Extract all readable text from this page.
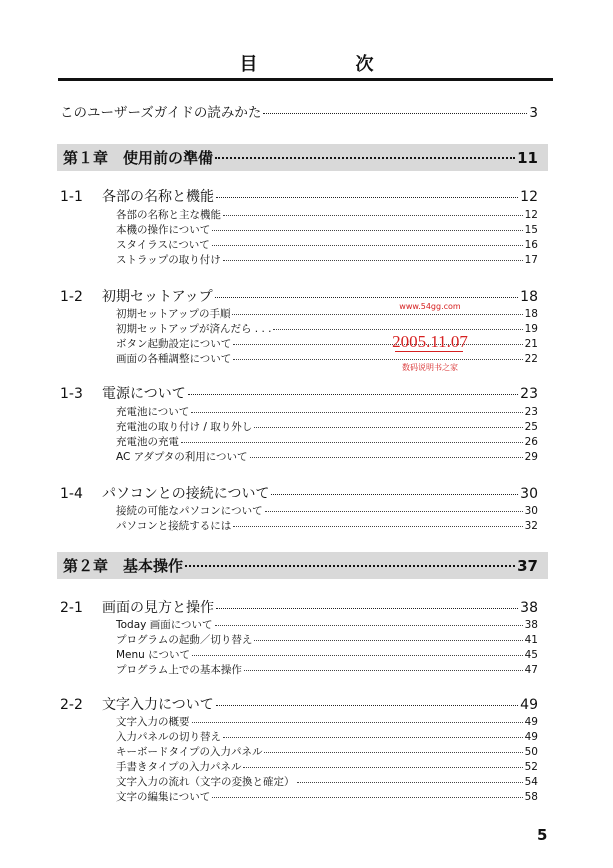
目　次
このユーザーズガイドの読みかた	3
第１章　使用前の準備	11
1-1 各部の名称と機能	12
各部の名称と主な機能	12
本機の操作について	15
スタイラスについて	16
ストラップの取り付け	17
1-2 初期セットアップ	18
初期セットアップの手順	18
初期セットアップが済んだら . . .	19
ボタン起動設定について	21
画面の各種調整について	22
1-3 電源について	23
充電池について	23
充電池の取り付け / 取り外し	25
充電池の充電	26
AC アダプタの利用について	29
1-4 パソコンとの接続について	30
接続の可能なパソコンについて	30
パソコンと接続するには	32
第２章　基本操作	37
2-1 画面の見方と操作	38
Today 画面について	38
プログラムの起動／切り替え	41
Menu について	45
プログラム上での基本操作	47
2-2 文字入力について	49
文字入力の概要	49
入力パネルの切り替え	49
キーボードタイプの入力パネル	50
手書きタイプの入力パネル	52
文字入力の流れ（文字の変換と確定）	54
文字の編集について	58
www.54gg.com
2005.11.07
数码说明书之家
5
